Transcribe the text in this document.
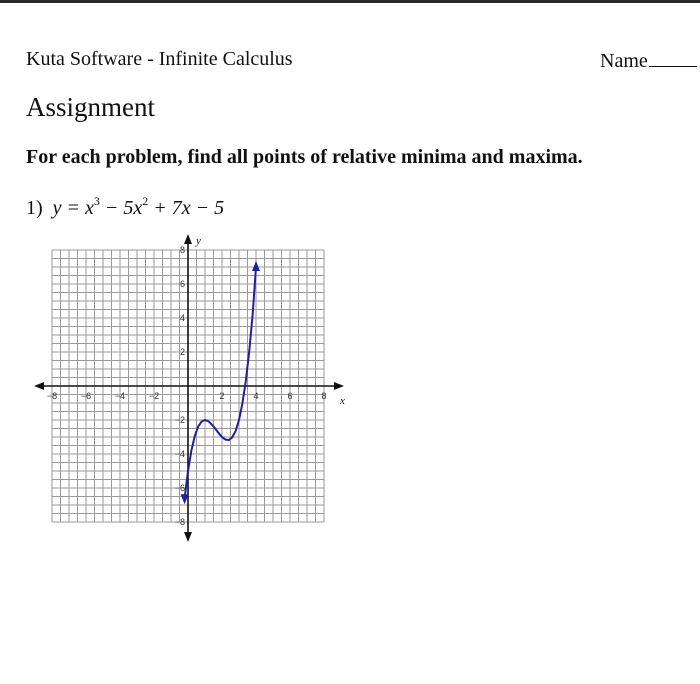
Kuta Software - Infinite Calculus	Name
Assignment
For each problem, find all points of relative minima and maxima.
1) $y = x^3 - 5x^2 + 7x - 5$
x
y
−8	−6	−4	−2	2	4	6	8
8
6
4
2
−2
−4
−6
−8
